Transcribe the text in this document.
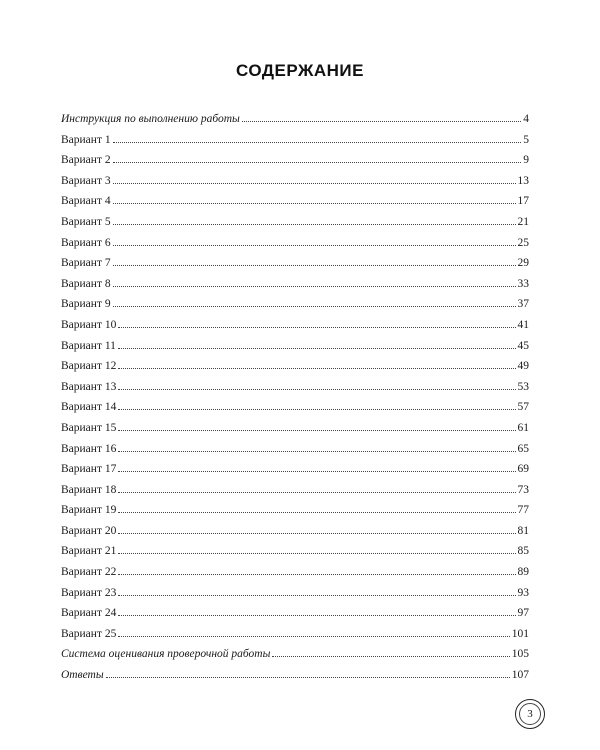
СОДЕРЖАНИЕ
Инструкция по выполнению работы	4
Вариант 1	5
Вариант 2	9
Вариант 3	13
Вариант 4	17
Вариант 5	21
Вариант 6	25
Вариант 7	29
Вариант 8	33
Вариант 9	37
Вариант 10	41
Вариант 11	45
Вариант 12	49
Вариант 13	53
Вариант 14	57
Вариант 15	61
Вариант 16	65
Вариант 17	69
Вариант 18	73
Вариант 19	77
Вариант 20	81
Вариант 21	85
Вариант 22	89
Вариант 23	93
Вариант 24	97
Вариант 25	101
Система оценивания проверочной работы	105
Ответы	107
3
